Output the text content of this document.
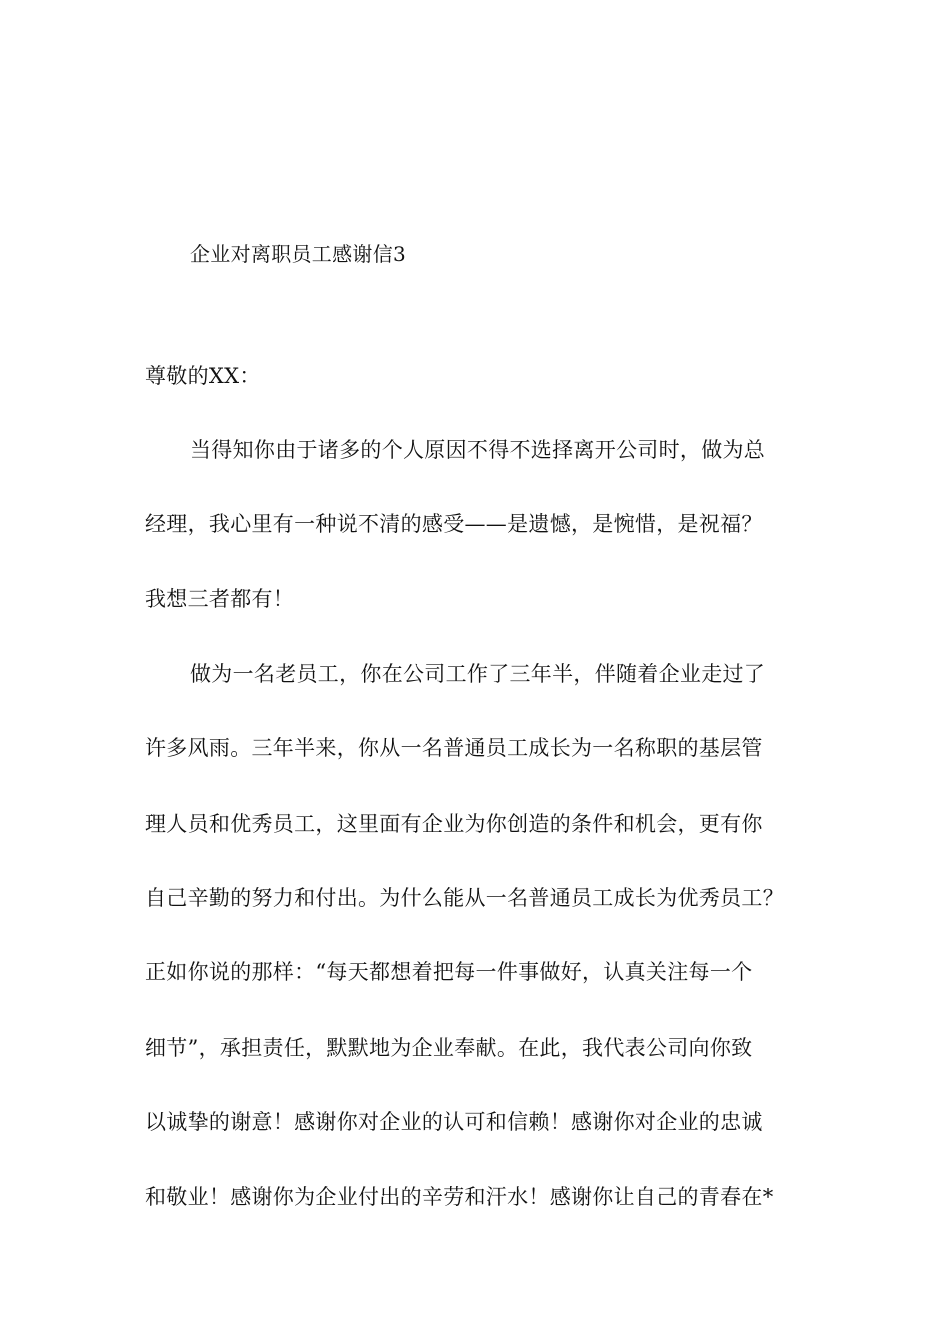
企业对离职员工感谢信3
尊敬的XX：
当得知你由于诸多的个人原因不得不选择离开公司时，做为总
经理，我心里有一种说不清的感受——是遗憾，是惋惜，是祝福？
我想三者都有！
做为一名老员工，你在公司工作了三年半，伴随着企业走过了
许多风雨。三年半来，你从一名普通员工成长为一名称职的基层管
理人员和优秀员工，这里面有企业为你创造的条件和机会，更有你
自己辛勤的努力和付出。为什么能从一名普通员工成长为优秀员工？
正如你说的那样：“每天都想着把每一件事做好，认真关注每一个
细节”，承担责任，默默地为企业奉献。在此，我代表公司向你致
以诚挚的谢意！感谢你对企业的认可和信赖！感谢你对企业的忠诚
和敬业！感谢你为企业付出的辛劳和汗水！感谢你让自己的青春在*
